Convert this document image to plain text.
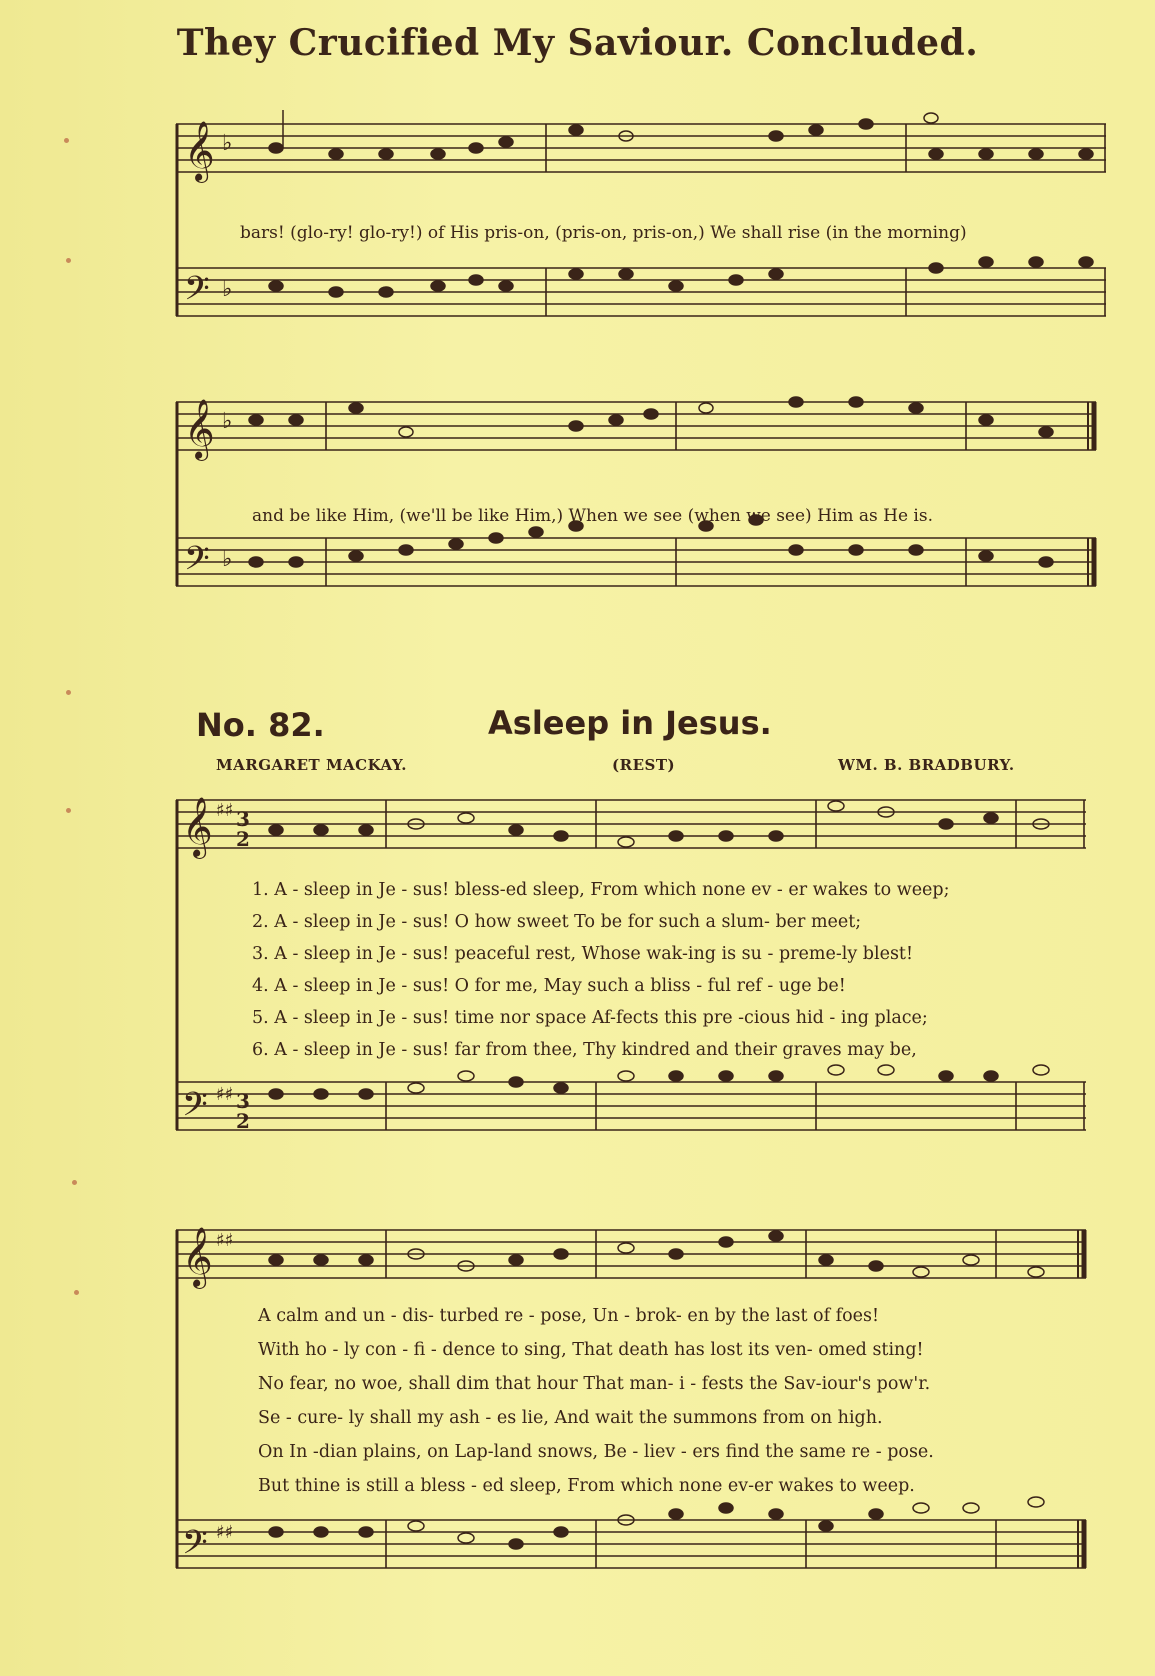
They Crucified My Saviour. Concluded.
𝄞
𝄢
♭
♭
bars! (glo-ry! glo-ry!) of His pris-on, (pris-on, pris-on,) We shall rise (in the morning)
𝄞
𝄢
♭
♭
and be like Him, (we'll be like Him,) When we see (when we see) Him as He is.
No. 82.	Asleep in Jesus.
MARGARET MACKAY.	(REST)	WM. B. BRADBURY.
𝄞
𝄢
♯♯
♯♯
3
2
3
2
1. A - sleep in Je - sus! bless-ed sleep, From which none ev - er wakes to weep;
2. A - sleep in Je - sus! O how sweet To be for such a slum- ber meet;
3. A - sleep in Je - sus! peaceful rest, Whose wak-ing is su - preme-ly blest!
4. A - sleep in Je - sus! O for me, May such a bliss - ful ref - uge be!
5. A - sleep in Je - sus! time nor space Af-fects this pre -cious hid - ing place;
6. A - sleep in Je - sus! far from thee, Thy kindred and their graves may be,
𝄞
𝄢
♯♯
♯♯
A calm and un - dis- turbed re - pose, Un - brok- en by the last of foes!
With ho - ly con - fi - dence to sing, That death has lost its ven- omed sting!
No fear, no woe, shall dim that hour That man- i - fests the Sav-iour's pow'r.
Se - cure- ly shall my ash - es lie, And wait the summons from on high.
On In -dian plains, on Lap-land snows, Be - liev - ers find the same re - pose.
But thine is still a bless - ed sleep, From which none ev-er wakes to weep.
